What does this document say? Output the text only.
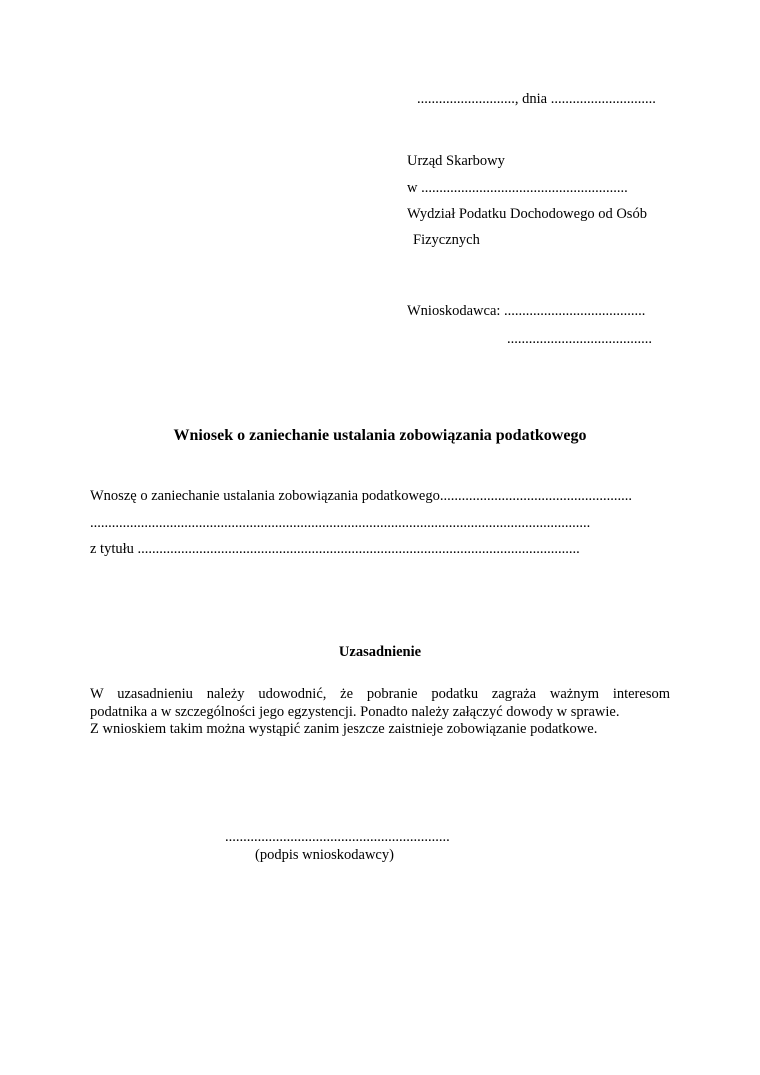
..........................., dnia .............................
Urząd Skarbowy
w .........................................................
Wydział Podatku Dochodowego od Osób
Fizycznych
Wnioskodawca: .......................................
........................................
Wniosek o zaniechanie ustalania zobowiązania podatkowego
Wnoszę o zaniechanie ustalania zobowiązania podatkowego.....................................................
..........................................................................................................................................
z tytułu ..........................................................................................................................
Uzasadnienie

W uzasadnieniu należy udowodnić, że pobranie podatku zagraża ważnym interesom

podatnika a w szczególności jego egzystencji. Ponadto należy załączyć dowody w sprawie.

Z wnioskiem takim można wystąpić zanim jeszcze zaistnieje zobowiązanie podatkowe.

..............................................................
(podpis wnioskodawcy)
